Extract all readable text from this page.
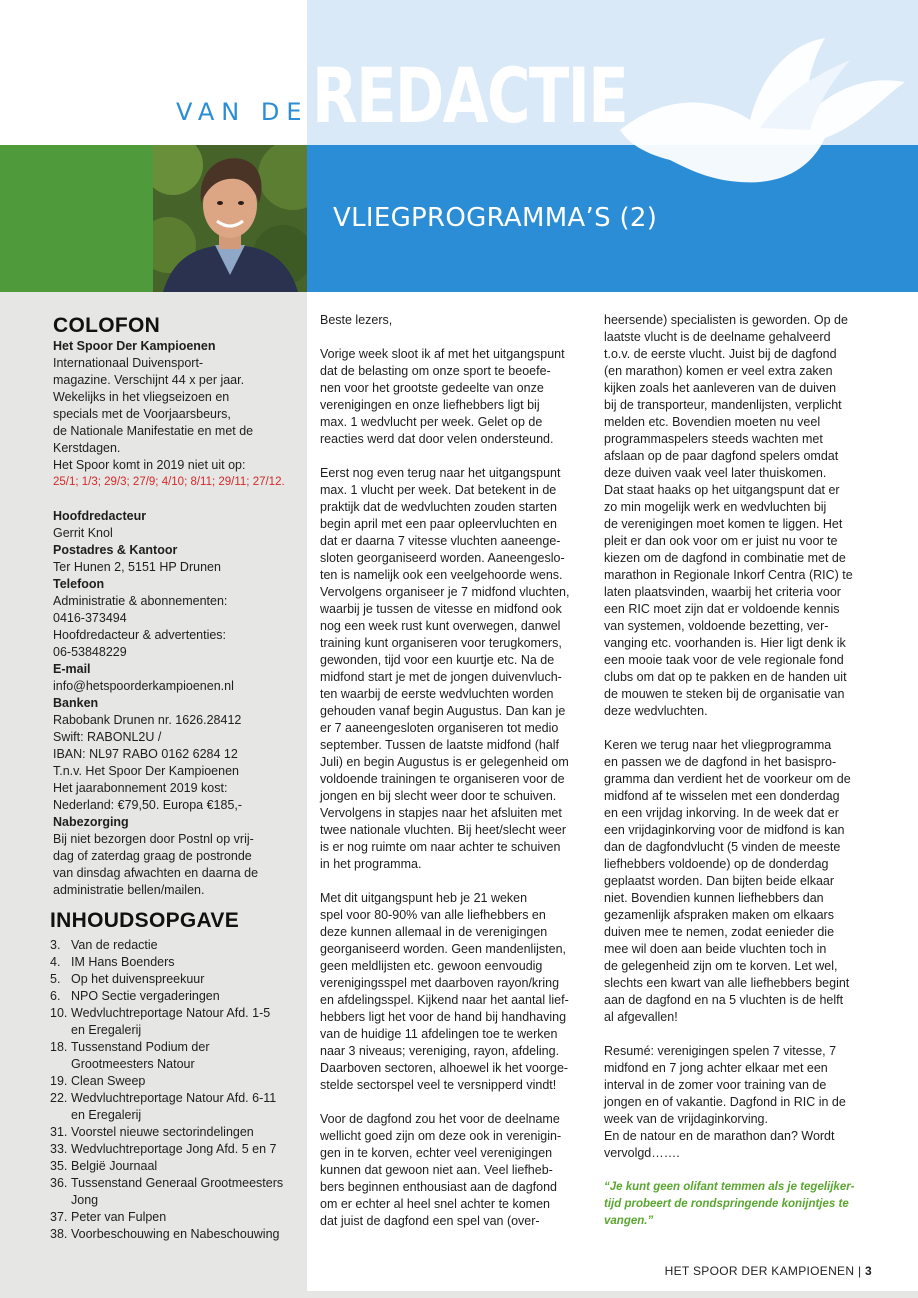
VAN DE REDACTIE
VLIEGPROGRAMMA’S (2)
COLOFON
Het Spoor Der Kampioenen
Internationaal Duivensport-
magazine. Verschijnt 44 x per jaar.
Wekelijks in het vliegseizoen en
specials met de Voorjaarsbeurs,
de Nationale Manifestatie en met de
Kerstdagen.
Het Spoor komt in 2019 niet uit op:
25/1; 1/3; 29/3; 27/9; 4/10; 8/11; 29/11; 27/12.
Hoofdredacteur
Gerrit Knol
Postadres & Kantoor
Ter Hunen 2, 5151 HP Drunen
Telefoon
Administratie & abonnementen:
0416-373494
Hoofdredacteur & advertenties:
06-53848229
E-mail
info@hetspoorderkampioenen.nl
Banken
Rabobank Drunen nr. 1626.28412
Swift: RABONL2U /
IBAN: NL97 RABO 0162 6284 12
T.n.v. Het Spoor Der Kampioenen
Het jaarabonnement 2019 kost:
Nederland: €79,50. Europa €185,-
Nabezorging
Bij niet bezorgen door Postnl op vrij-
dag of zaterdag graag de postronde
van dinsdag afwachten en daarna de
administratie bellen/mailen.
INHOUDSOPGAVE
3. Van de redactie
4. IM Hans Boenders
5. Op het duivenspreekuur
6. NPO Sectie vergaderingen
10. Wedvluchtreportage Natour Afd. 1-5
en Eregalerij
18. Tussenstand Podium der
Grootmeesters Natour
19. Clean Sweep
22. Wedvluchtreportage Natour Afd. 6-11
en Eregalerij
31. Voorstel nieuwe sectorindelingen
33. Wedvluchtreportage Jong Afd. 5 en 7
35. België Journaal
36. Tussenstand Generaal Grootmeesters
Jong
37. Peter van Fulpen
38. Voorbeschouwing en Nabeschouwing
Beste lezers,
Vorige week sloot ik af met het uitgangspunt
dat de belasting om onze sport te beoefe-
nen voor het grootste gedeelte van onze
verenigingen en onze liefhebbers ligt bij
max. 1 wedvlucht per week. Gelet op de
reacties werd dat door velen ondersteund.
Eerst nog even terug naar het uitgangspunt
max. 1 vlucht per week. Dat betekent in de
praktijk dat de wedvluchten zouden starten
begin april met een paar opleervluchten en
dat er daarna 7 vitesse vluchten aaneenge-
sloten georganiseerd worden. Aaneengeslo-
ten is namelijk ook een veelgehoorde wens.
Vervolgens organiseer je 7 midfond vluchten,
waarbij je tussen de vitesse en midfond ook
nog een week rust kunt overwegen, danwel
training kunt organiseren voor terugkomers,
gewonden, tijd voor een kuurtje etc. Na de
midfond start je met de jongen duivenvluch-
ten waarbij de eerste wedvluchten worden
gehouden vanaf begin Augustus. Dan kan je
er 7 aaneengesloten organiseren tot medio
september. Tussen de laatste midfond (half
Juli) en begin Augustus is er gelegenheid om
voldoende trainingen te organiseren voor de
jongen en bij slecht weer door te schuiven.
Vervolgens in stapjes naar het afsluiten met
twee nationale vluchten. Bij heet/slecht weer
is er nog ruimte om naar achter te schuiven
in het programma.
Met dit uitgangspunt heb je 21 weken
spel voor 80-90% van alle liefhebbers en
deze kunnen allemaal in de verenigingen
georganiseerd worden. Geen mandenlijsten,
geen meldlijsten etc. gewoon eenvoudig
verenigingsspel met daarboven rayon/kring
en afdelingsspel. Kijkend naar het aantal lief-
hebbers ligt het voor de hand bij handhaving
van de huidige 11 afdelingen toe te werken
naar 3 niveaus; vereniging, rayon, afdeling.
Daarboven sectoren, alhoewel ik het voorge-
stelde sectorspel veel te versnipperd vindt!
Voor de dagfond zou het voor de deelname
wellicht goed zijn om deze ook in verenigin-
gen in te korven, echter veel verenigingen
kunnen dat gewoon niet aan. Veel liefheb-
bers beginnen enthousiast aan de dagfond
om er echter al heel snel achter te komen
dat juist de dagfond een spel van (over-
heersende) specialisten is geworden. Op de
laatste vlucht is de deelname gehalveerd
t.o.v. de eerste vlucht. Juist bij de dagfond
(en marathon) komen er veel extra zaken
kijken zoals het aanleveren van de duiven
bij de transporteur, mandenlijsten, verplicht
melden etc. Bovendien moeten nu veel
programmaspelers steeds wachten met
afslaan op de paar dagfond spelers omdat
deze duiven vaak veel later thuiskomen.
Dat staat haaks op het uitgangspunt dat er
zo min mogelijk werk en wedvluchten bij
de verenigingen moet komen te liggen. Het
pleit er dan ook voor om er juist nu voor te
kiezen om de dagfond in combinatie met de
marathon in Regionale Inkorf Centra (RIC) te
laten plaatsvinden, waarbij het criteria voor
een RIC moet zijn dat er voldoende kennis
van systemen, voldoende bezetting, ver-
vanging etc. voorhanden is. Hier ligt denk ik
een mooie taak voor de vele regionale fond
clubs om dat op te pakken en de handen uit
de mouwen te steken bij de organisatie van
deze wedvluchten.
Keren we terug naar het vliegprogramma
en passen we de dagfond in het basispro-
gramma dan verdient het de voorkeur om de
midfond af te wisselen met een donderdag
en een vrijdag inkorving. In de week dat er
een vrijdaginkorving voor de midfond is kan
dan de dagfondvlucht (5 vinden de meeste
liefhebbers voldoende) op de donderdag
geplaatst worden. Dan bijten beide elkaar
niet. Bovendien kunnen liefhebbers dan
gezamenlijk afspraken maken om elkaars
duiven mee te nemen, zodat eenieder die
mee wil doen aan beide vluchten toch in
de gelegenheid zijn om te korven. Let wel,
slechts een kwart van alle liefhebbers begint
aan de dagfond en na 5 vluchten is de helft
al afgevallen!
Resumé: verenigingen spelen 7 vitesse, 7
midfond en 7 jong achter elkaar met een
interval in de zomer voor training van de
jongen en of vakantie. Dagfond in RIC in de
week van de vrijdaginkorving.
En de natour en de marathon dan? Wordt
vervolgd…….
“Je kunt geen olifant temmen als je tegelijker-
tijd probeert de rondspringende konijntjes te
vangen.”
HET SPOOR DER KAMPIOENEN | 3
